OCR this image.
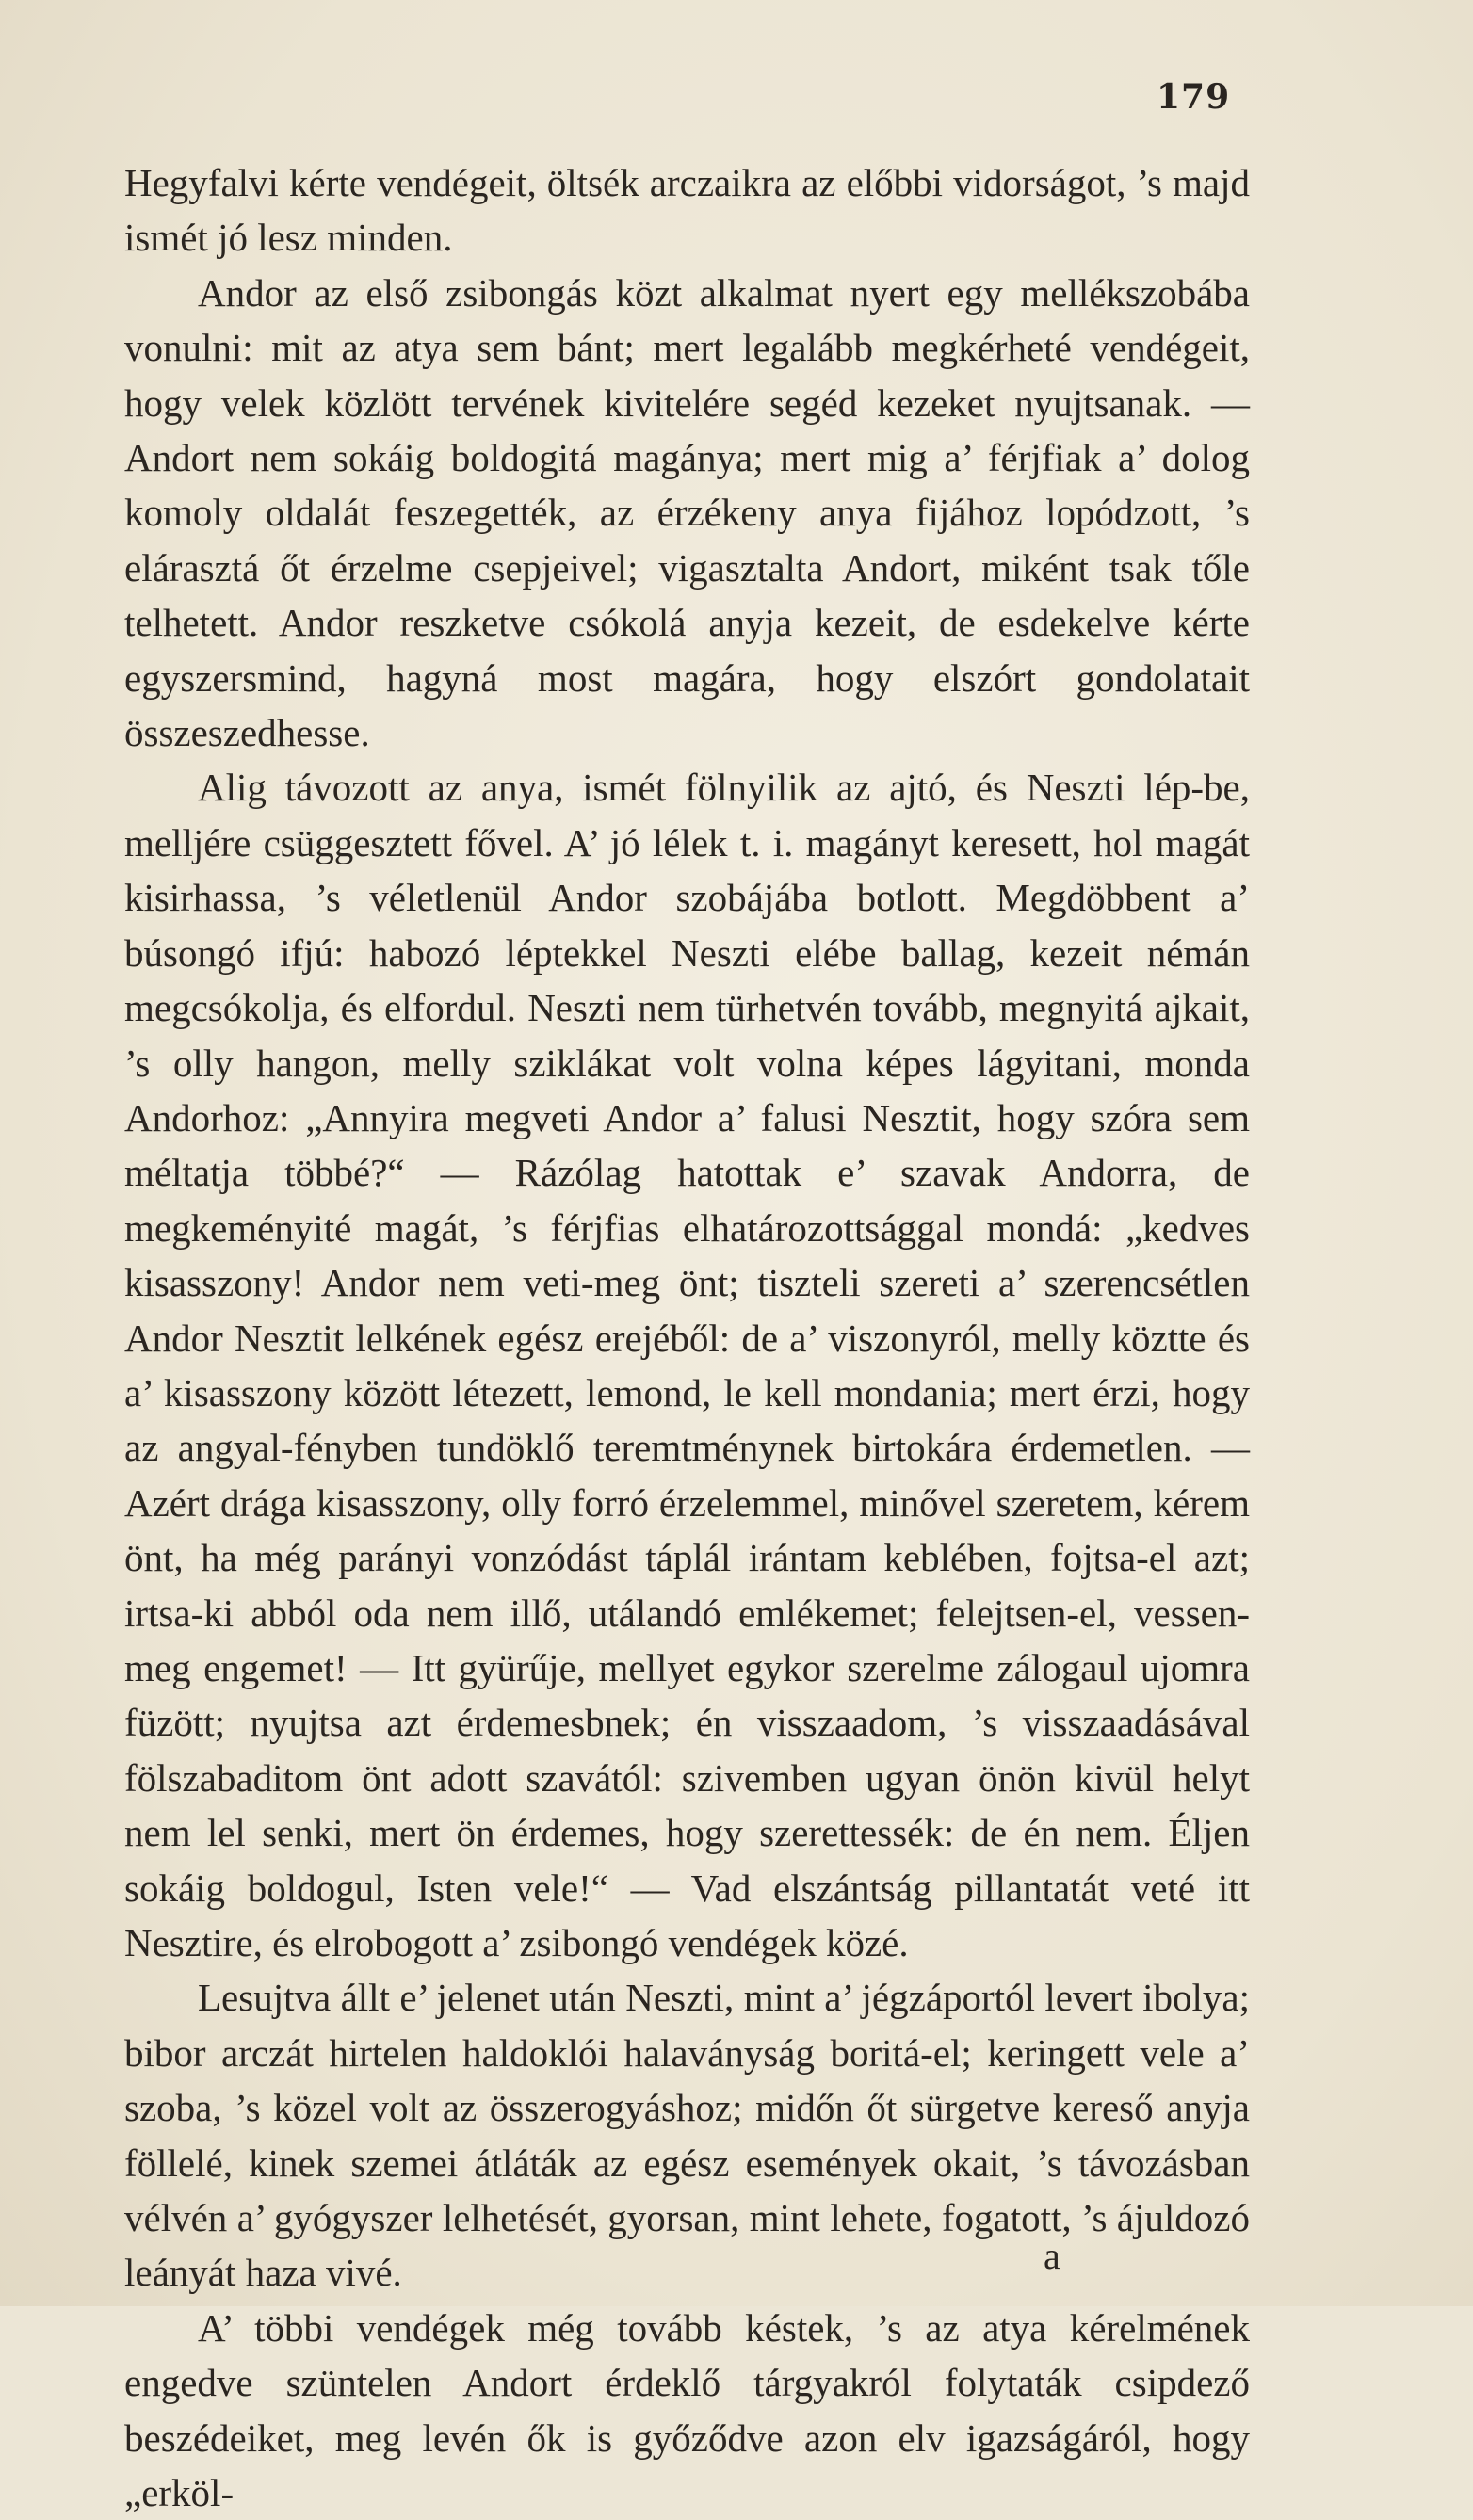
179

Hegyfalvi kérte vendégeit, öltsék arczaikra az előbbi vidorságot, ’s majd ismét jó lesz minden.

Andor az első zsibongás közt alkalmat nyert egy mellékszobába vonulni: mit az atya sem bánt; mert legalább megkérheté vendégeit, hogy velek közlött tervének kivitelére segéd kezeket nyujtsanak. — Andort nem sokáig boldogitá magánya; mert mig a’ férjfiak a’ dolog komoly oldalát feszegették, az érzékeny anya fijához lopódzott, ’s elárasztá őt érzelme csepjeivel; vigasztalta Andort, miként tsak tőle telhetett. Andor reszketve csókolá anyja kezeit, de esdekelve kérte egyszersmind, hagyná most magára, hogy elszórt gondolatait összeszedhesse.

Alig távozott az anya, ismét fölnyilik az ajtó, és Neszti lép-be, melljére csüggesztett fővel. A’ jó lélek t. i. magányt keresett, hol magát kisirhassa, ’s véletlenül Andor szobájába botlott. Megdöbbent a’ búsongó ifjú: habozó léptekkel Neszti elébe ballag, kezeit némán megcsókolja, és elfordul. Neszti nem türhetvén tovább, megnyitá ajkait, ’s olly hangon, melly sziklákat volt volna képes lágyitani, monda Andorhoz: „Annyira megveti Andor a’ falusi Nesztit, hogy szóra sem méltatja többé?“ — Rázólag hatottak e’ szavak Andorra, de megkeményité magát, ’s férjfias elhatározottsággal mondá: „kedves kisasszony! Andor nem veti-meg önt; tiszteli szereti a’ szerencsétlen Andor Nesztit lelkének egész erejéből: de a’ viszonyról, melly köztte és a’ kisasszony között létezett, lemond, le kell mondania; mert érzi, hogy az angyal-fényben tundöklő teremtménynek birtokára érdemetlen. — Azért drága kisasszony, olly forró érzelemmel, minővel szeretem, kérem önt, ha még parányi vonzódást táplál irántam keblében, fojtsa-el azt; irtsa-ki abból oda nem illő, utálandó emlékemet; felejtsen-el, vessen-meg engemet! — Itt gyürűje, mellyet egykor szerelme zálogaul ujomra füzött; nyujtsa azt érdemesbnek; én visszaadom, ’s visszaadásával fölszabaditom önt adott szavától: szivemben ugyan önön kivül helyt nem lel senki, mert ön érdemes, hogy szerettessék: de én nem. Éljen sokáig boldogul, Isten vele!“ — Vad elszántság pillantatát veté itt Nesztire, és elrobogott a’ zsibongó vendégek közé.

Lesujtva állt e’ jelenet után Neszti, mint a’ jégzáportól levert ibolya; bibor arczát hirtelen haldoklói halaványság boritá-el; keringett vele a’ szoba, ’s közel volt az összerogyáshoz; midőn őt sürgetve kereső anyja föllelé, kinek szemei átláták az egész események okait, ’s távozásban vélvén a’ gyógyszer lelhetését, gyorsan, mint lehete, fogatott, ’s ájuldozó leányát haza vivé.

A’ többi vendégek még tovább késtek, ’s az atya kérelmének engedve szüntelen Andort érdeklő tárgyakról folytaták csipdező beszédeiket, meg levén ők is győződve azon elv igazságáról, hogy „erköl-

a
